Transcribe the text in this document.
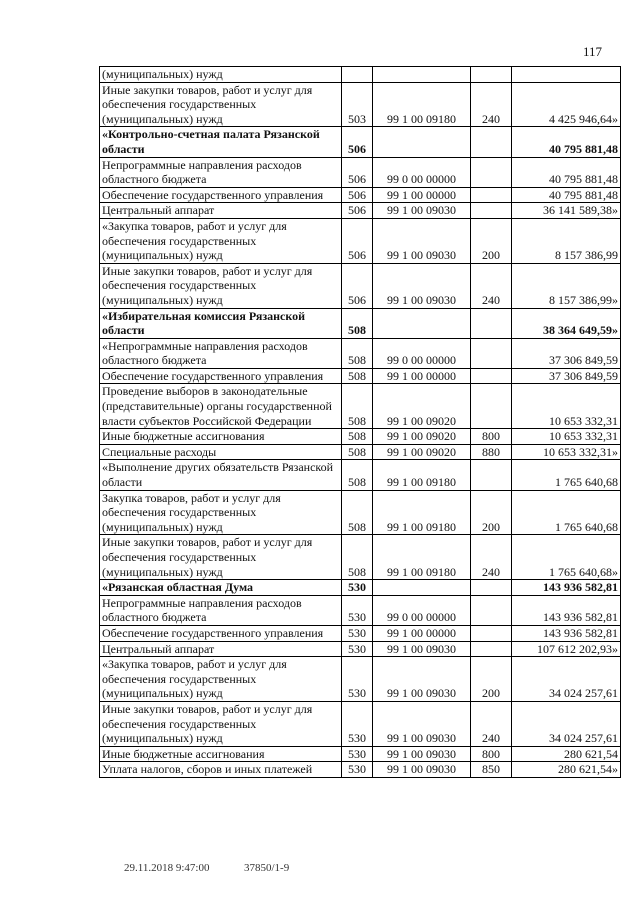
117
(муниципальных) нужд				
Иные закупки товаров, работ и услуг для обеспечения государственных (муниципальных) нужд	503	99 1 00 09180	240	4 425 946,64»
«Контрольно-счетная палата Рязанской области	506			40 795 881,48
Непрограммные направления расходов областного бюджета	506	99 0 00 00000		40 795 881,48
Обеспечение государственного управления	506	99 1 00 00000		40 795 881,48
Центральный аппарат	506	99 1 00 09030		36 141 589,38»
«Закупка товаров, работ и услуг для обеспечения государственных (муниципальных) нужд	506	99 1 00 09030	200	8 157 386,99
Иные закупки товаров, работ и услуг для обеспечения государственных (муниципальных) нужд	506	99 1 00 09030	240	8 157 386,99»
«Избирательная комиссия Рязанской области	508			38 364 649,59»
«Непрограммные направления расходов областного бюджета	508	99 0 00 00000		37 306 849,59
Обеспечение государственного управления	508	99 1 00 00000		37 306 849,59
Проведение выборов в законодательные (представительные) органы государственной власти субъектов Российской Федерации	508	99 1 00 09020		10 653 332,31
Иные бюджетные ассигнования	508	99 1 00 09020	800	10 653 332,31
Специальные расходы	508	99 1 00 09020	880	10 653 332,31»
«Выполнение других обязательств Рязанской области	508	99 1 00 09180		1 765 640,68
Закупка товаров, работ и услуг для обеспечения государственных (муниципальных) нужд	508	99 1 00 09180	200	1 765 640,68
Иные закупки товаров, работ и услуг для обеспечения государственных (муниципальных) нужд	508	99 1 00 09180	240	1 765 640,68»
«Рязанская областная Дума	530			143 936 582,81
Непрограммные направления расходов областного бюджета	530	99 0 00 00000		143 936 582,81
Обеспечение государственного управления	530	99 1 00 00000		143 936 582,81
Центральный аппарат	530	99 1 00 09030		107 612 202,93»
«Закупка товаров, работ и услуг для обеспечения государственных (муниципальных) нужд	530	99 1 00 09030	200	34 024 257,61
Иные закупки товаров, работ и услуг для обеспечения государственных (муниципальных) нужд	530	99 1 00 09030	240	34 024 257,61
Иные бюджетные ассигнования	530	99 1 00 09030	800	280 621,54
Уплата налогов, сборов и иных платежей	530	99 1 00 09030	850	280 621,54»
29.11.2018 9:47:00	37850/1-9
